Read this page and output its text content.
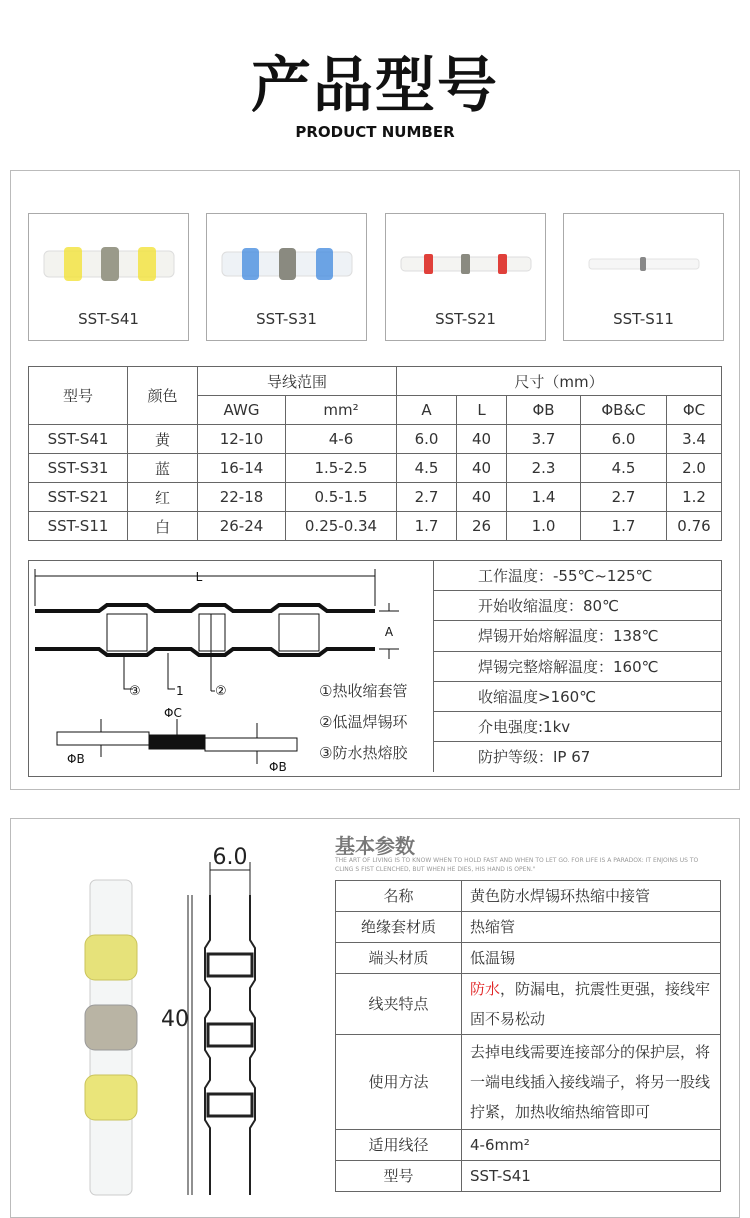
产品型号
PRODUCT NUMBER
SST-S41	SST-S31	SST-S21	SST-S11
型号	颜色	导线范围		尺寸（mm）				
		AWG	mm²	A	L	ΦB	ΦB&C	ΦC
SST-S41	黄	12-10	4-6	6.0	40	3.7	6.0	3.4
SST-S31	蓝	16-14	1.5-2.5	4.5	40	2.3	4.5	2.0
SST-S21	红	22-18	0.5-1.5	2.7	40	1.4	2.7	1.2
SST-S11	白	26-24	0.25-0.34	1.7	26	1.0	1.7	0.76
L
A
③	1 ②
ΦC
ΦB
ΦB
①热收缩套管
②低温焊锡环
③防水热熔胶
工作温度：-55℃~125℃
开始收缩温度：80℃
焊锡开始熔解温度：138℃
焊锡完整熔解温度：160℃
收缩温度>160℃
介电强度:1kv
防护等级：IP 67
6.0
40
基本参数
THE ART OF LIVING IS TO KNOW WHEN TO HOLD FAST AND WHEN TO LET GO. FOR LIFE IS A PARADOX: IT ENJOINS US TO CLING S FIST CLENCHED, BUT WHEN HE DIES, HIS HAND IS OPEN."
名称	黄色防水焊锡环热缩中接管
绝缘套材质	热缩管
端头材质	低温锡
线夹特点	防水，防漏电，抗震性更强，接线牢固不易松动
使用方法	去掉电线需要连接部分的保护层，将一端电线插入接线端子，将另一股线拧紧，加热收缩热缩管即可
适用线径	4-6mm²
型号	SST-S41
